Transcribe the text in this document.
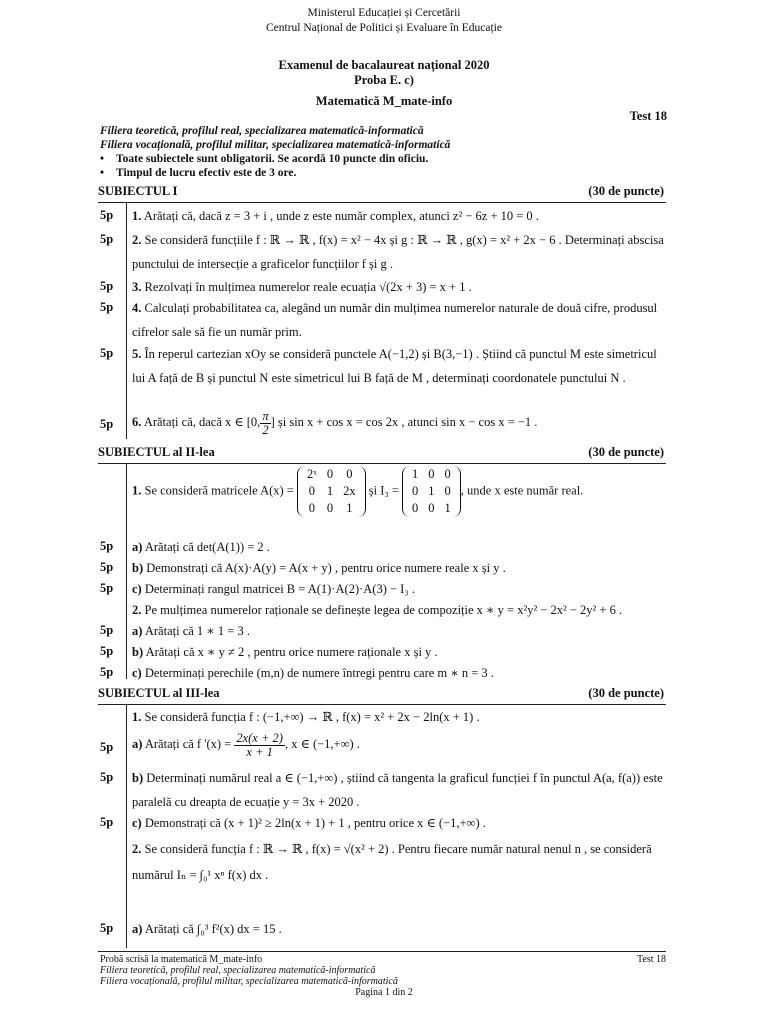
Ministerul Educației și Cercetării
Centrul Național de Politici și Evaluare în Educație
Examenul de bacalaureat național 2020
Proba E. c)
Matematică M_mate-info
Test 18
Filiera teoretică, profilul real, specializarea matematică-informatică
Filiera vocațională, profilul militar, specializarea matematică-informatică
• Toate subiectele sunt obligatorii. Se acordă 10 puncte din oficiu.
• Timpul de lucru efectiv este de 3 ore.
SUBIECTUL I	(30 de puncte)
5p 1. Arătați că, dacă z = 3 + i , unde z este număr complex, atunci z² − 6z + 10 = 0 .
5p 2. Se consideră funcțiile f : ℝ → ℝ , f(x) = x² − 4x și g : ℝ → ℝ , g(x) = x² + 2x − 6 . Determinați abscisa punctului de intersecție a graficelor funcțiilor f și g .
5p 3. Rezolvați în mulțimea numerelor reale ecuația √(2x + 3) = x + 1 .
5p 4. Calculați probabilitatea ca, alegând un număr din mulțimea numerelor naturale de două cifre, produsul cifrelor sale să fie un număr prim.
5p 5. În reperul cartezian xOy se consideră punctele A(−1,2) și B(3,−1) . Știind că punctul M este simetricul lui A față de B și punctul N este simetricul lui B față de M , determinați coordonatele punctului N .
5p 6. Arătați că, dacă x ∈ [0, $\frac{\pi}{2}$ ] și sin x + cos x = cos 2x , atunci sin x − cos x = −1 .
SUBIECTUL al II-lea	(30 de puncte)
1. Se consideră matricele A(x) =
2ˣ	0	0
0	1	2x
0	0	1
și I₃ =
1	0	0
0	1	0
0	0	1
, unde x este număr real.
5p a) Arătați că det(A(1)) = 2 .
5p b) Demonstrați că A(x)·A(y) = A(x + y) , pentru orice numere reale x și y .
5p c) Determinați rangul matricei B = A(1)·A(2)·A(3) − I₃ .
2. Pe mulțimea numerelor raționale se definește legea de compoziție x ∗ y = x²y² − 2x² − 2y² + 6 .
5p a) Arătați că 1 ∗ 1 = 3 .
5p b) Arătați că x ∗ y ≠ 2 , pentru orice numere raționale x și y .
5p c) Determinați perechile (m,n) de numere întregi pentru care m ∗ n = 3 .
SUBIECTUL al III-lea	(30 de puncte)
1. Se consideră funcția f : (−1,+∞) → ℝ , f(x) = x² + 2x − 2ln(x + 1) .
5p a) Arătați că f '$(x) = \frac{2x(x + 2)}{x + 1}$ , x ∈ (−1,+∞) .
5p b) Determinați numărul real a ∈ (−1,+∞) , știind că tangenta la graficul funcției f în punctul A(a, f(a)) este paralelă cu dreapta de ecuație y = 3x + 2020 .
5p c) Demonstrați că (x + 1)² ≥ 2ln(x + 1) + 1 , pentru orice x ∈ (−1,+∞) .
2. Se consideră funcția f : ℝ → ℝ , f(x) = √(x² + 2) . Pentru fiecare număr natural nenul n , se consideră numărul Iₙ = ∫₀¹ xⁿ f(x) dx .
5p a) Arătați că ∫₀³ f²(x) dx = 15 .
Probă scrisă la matematică M_mate-info
Filiera teoretică, profilul real, specializarea matematică-informatică
Filiera vocațională, profilul militar, specializarea matematică-informatică
Test 18
Pagina 1 din 2
